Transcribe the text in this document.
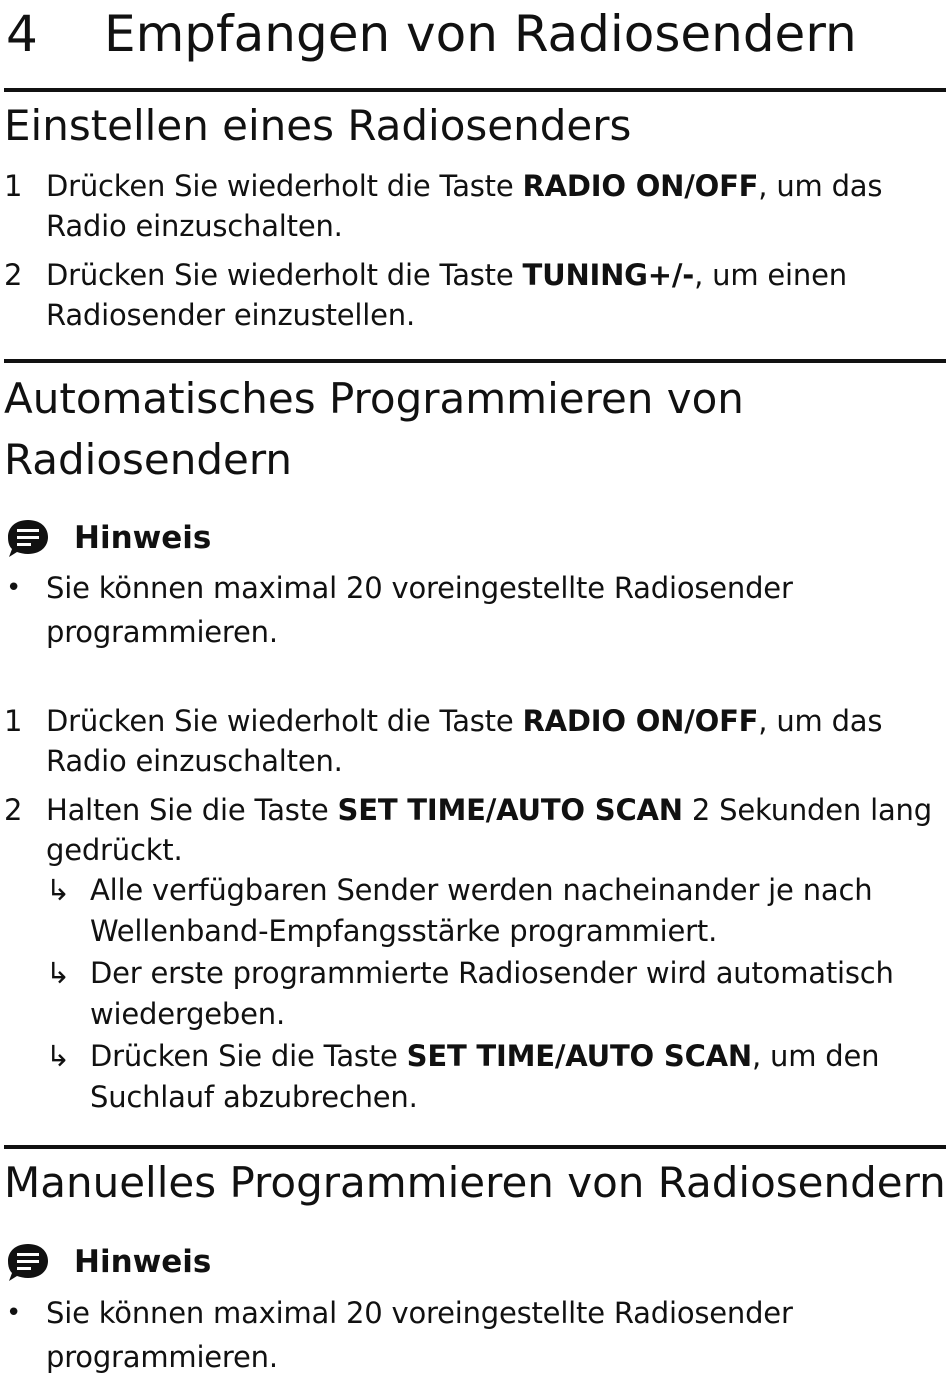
4 Empfangen von Radiosendern
Einstellen eines Radiosenders
1 Drücken Sie wiederholt die Taste RADIO ON/OFF, um das
Radio einzuschalten.
2 Drücken Sie wiederholt die Taste TUNING+/-, um einen
Radiosender einzustellen.
Automatisches Programmieren von
Radiosendern
Hinweis
• Sie können maximal 20 voreingestellte Radiosender
programmieren.
1 Drücken Sie wiederholt die Taste RADIO ON/OFF, um das
Radio einzuschalten.
2 Halten Sie die Taste SET TIME/AUTO SCAN 2 Sekunden lang
gedrückt.
↳ Alle verfügbaren Sender werden nacheinander je nach
Wellenband-Empfangsstärke programmiert.
↳ Der erste programmierte Radiosender wird automatisch
wiedergeben.
↳ Drücken Sie die Taste SET TIME/AUTO SCAN, um den
Suchlauf abzubrechen.
Manuelles Programmieren von Radiosendern
Hinweis
• Sie können maximal 20 voreingestellte Radiosender
programmieren.
